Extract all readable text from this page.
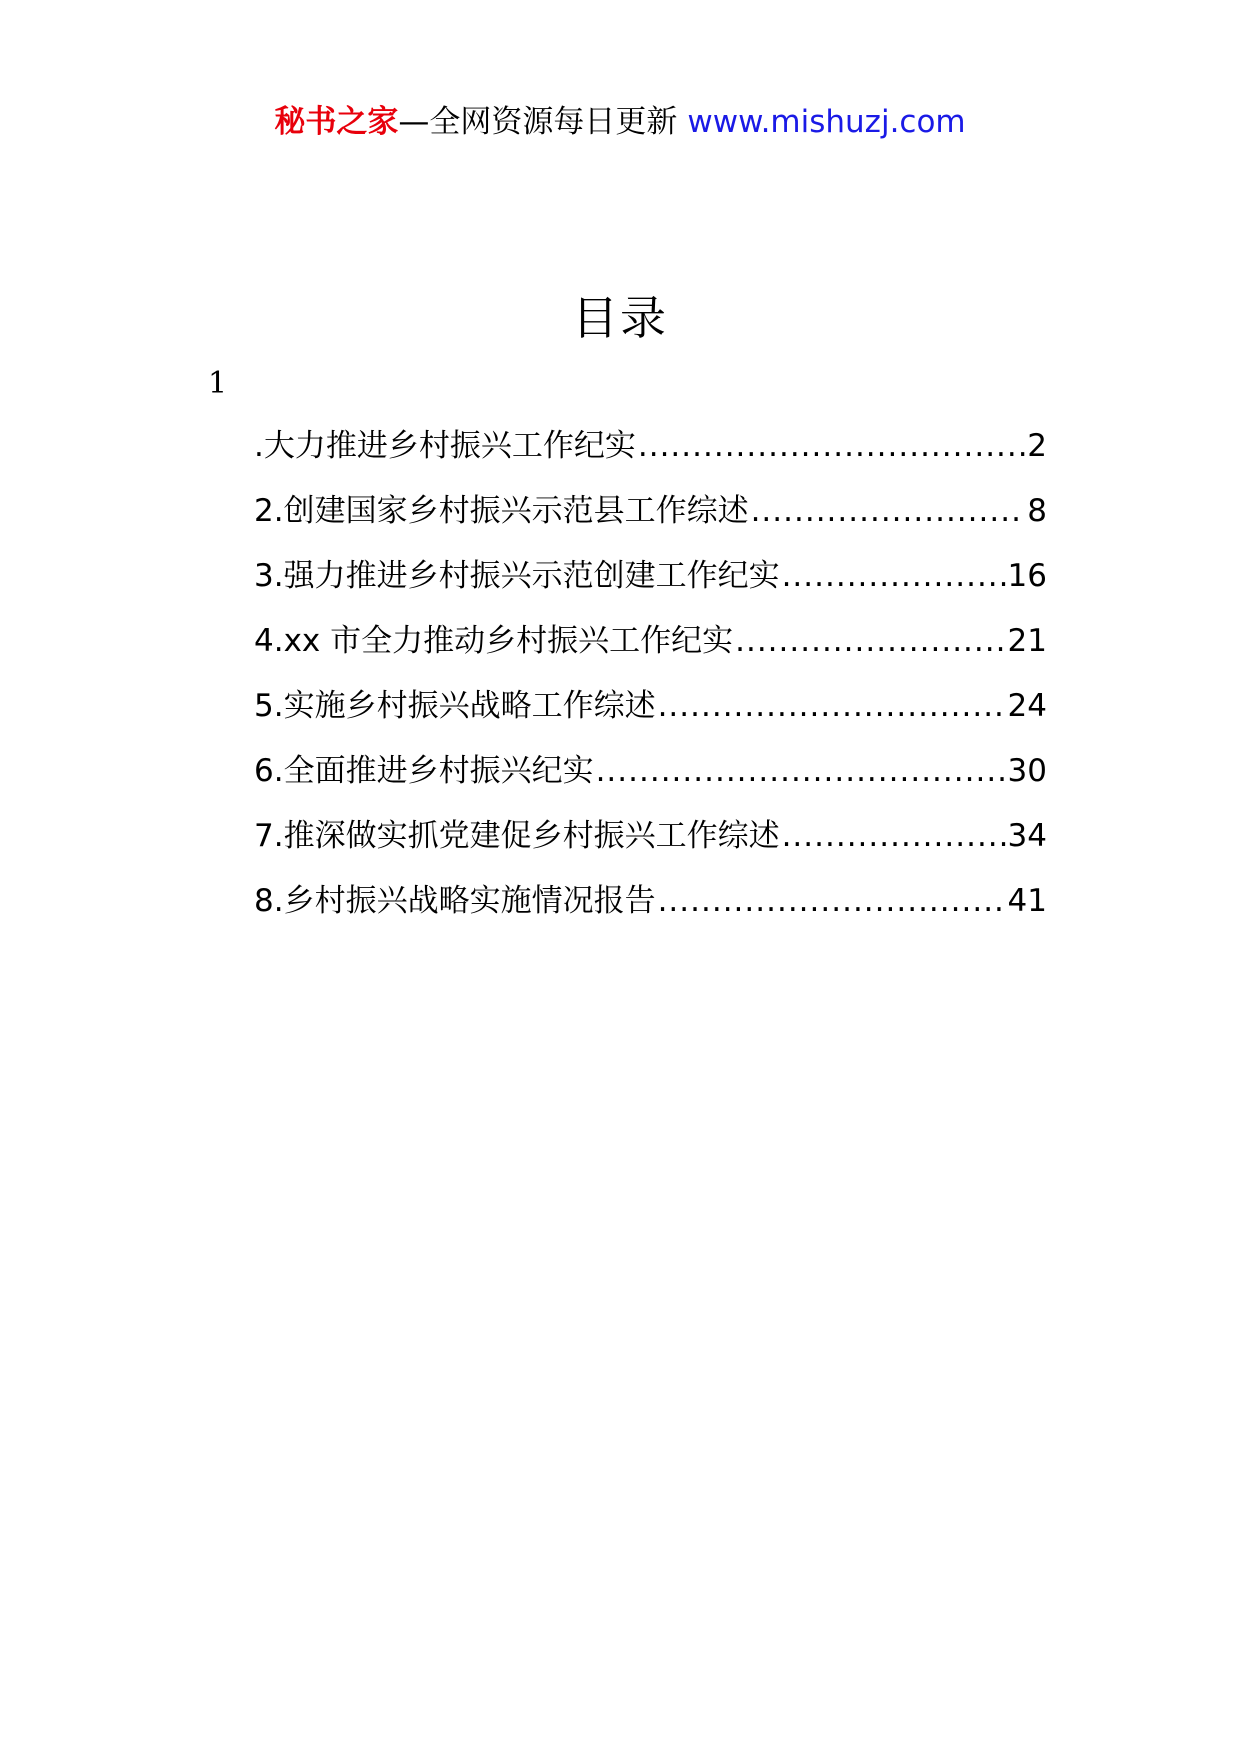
秘书之家—全网资源每日更新 www.mishuzj.com
目录
1
.大力推进乡村振兴工作纪实 .....	2
2.创建国家乡村振兴示范县工作综述 .....	8
3.强力推进乡村振兴示范创建工作纪实 .....	16
4.xx 市全力推动乡村振兴工作纪实 .....	21
5.实施乡村振兴战略工作综述 .....	24
6.全面推进乡村振兴纪实 .....	30
7.推深做实抓党建促乡村振兴工作综述 .....	34
8.乡村振兴战略实施情况报告 .....	41
